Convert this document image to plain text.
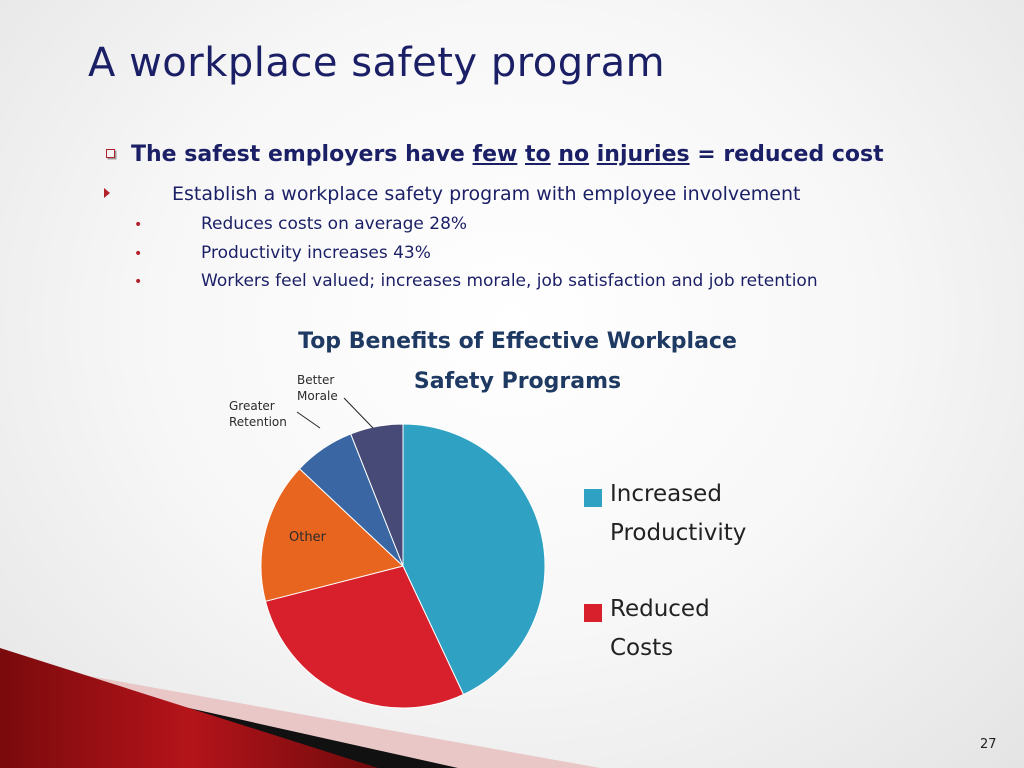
A workplace safety program
The safest employers have few to no injuries = reduced cost
Establish a workplace safety program with employee involvement
•	Reduces costs on average 28%
•	Productivity increases 43%
•	Workers feel valued; increases morale, job satisfaction and job retention
Top Benefits of Effective Workplace
Safety Programs
Other
Greater
Retention
Better
Morale
Increased
Productivity
Reduced
Costs
27
